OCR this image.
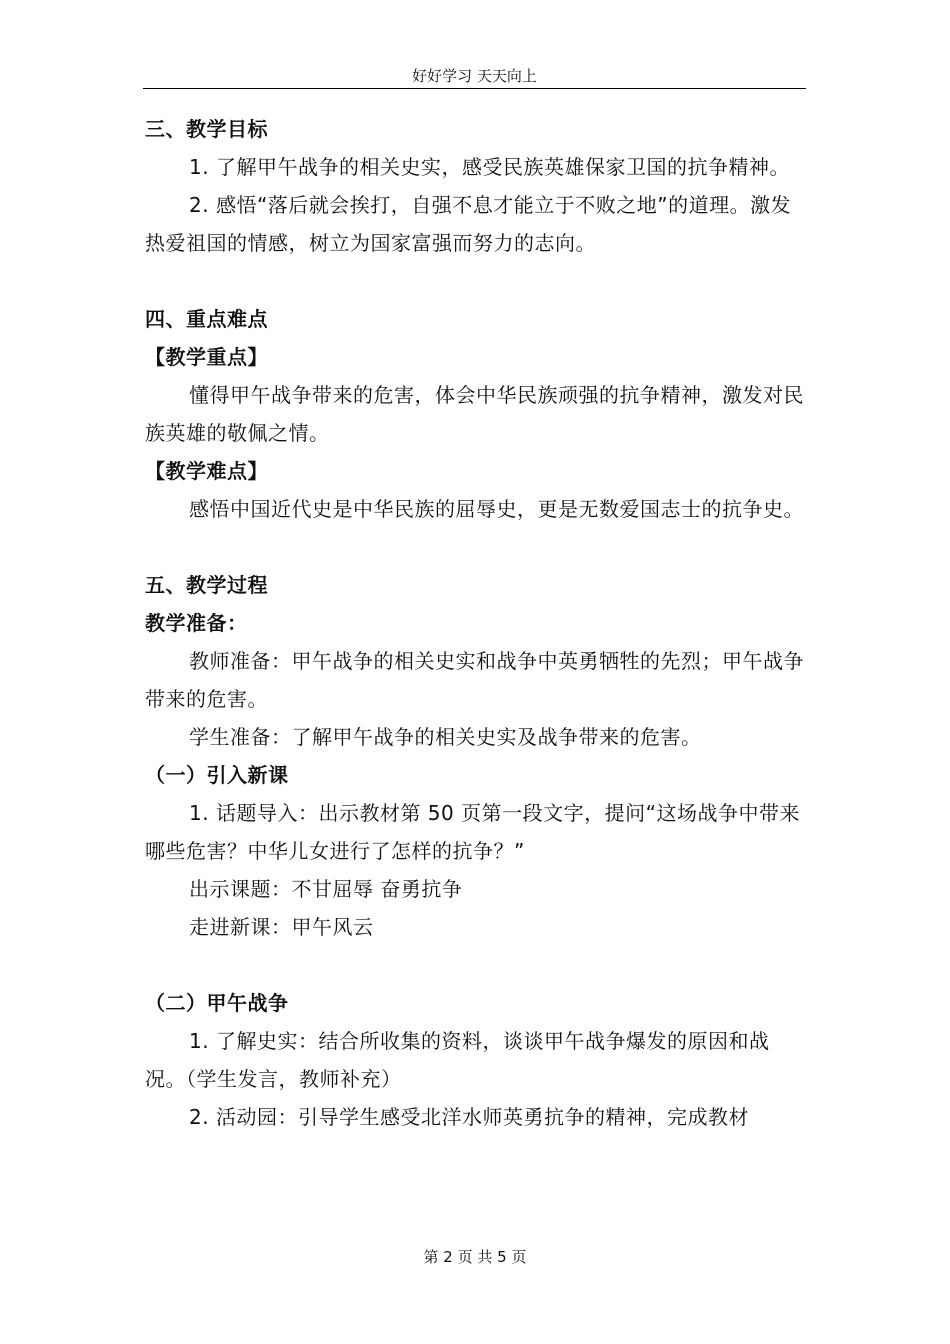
好好学习 天天向上

三、教学目标

1. 了解甲午战争的相关史实，感受民族英雄保家卫国的抗争精神。

2. 感悟“落后就会挨打，自强不息才能立于不败之地”的道理。激发热爱祖国的情感，树立为国家富强而努力的志向。

四、重点难点

【教学重点】

懂得甲午战争带来的危害，体会中华民族顽强的抗争精神，激发对民族英雄的敬佩之情。

【教学难点】

感悟中国近代史是中华民族的屈辱史，更是无数爱国志士的抗争史。

五、教学过程

教学准备：

教师准备：甲午战争的相关史实和战争中英勇牺牲的先烈；甲午战争带来的危害。

学生准备：了解甲午战争的相关史实及战争带来的危害。

（一）引入新课

1. 话题导入：出示教材第 50 页第一段文字，提问“这场战争中带来哪些危害？中华儿女进行了怎样的抗争？”

出示课题：不甘屈辱 奋勇抗争

走进新课：甲午风云

（二）甲午战争

1. 了解史实：结合所收集的资料，谈谈甲午战争爆发的原因和战况。（学生发言，教师补充）

2. 活动园：引导学生感受北洋水师英勇抗争的精神，完成教材

第 2 页 共 5 页
